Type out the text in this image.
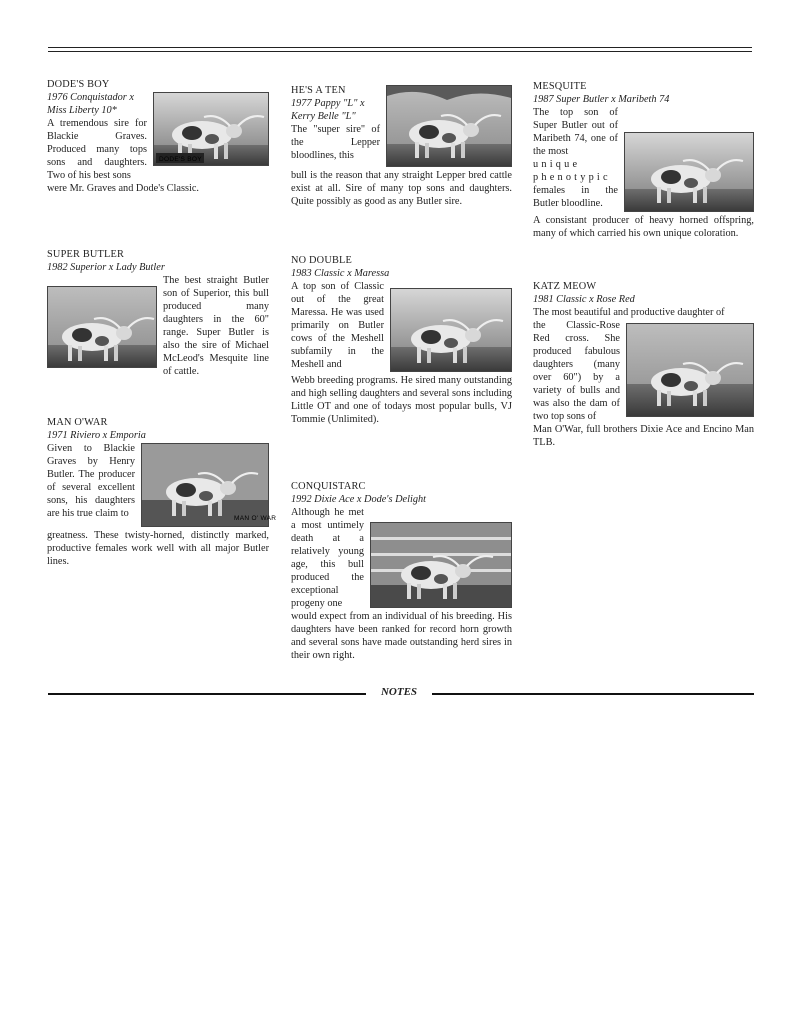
DODE'S BOY
1976 Conquistador x
DODE'S BOY
Miss Liberty 10*
A tremendous sire for Blackie Graves. Produced many tops sons and daughters. Two of his best sons
were Mr. Graves and Dode's Classic.
SUPER BUTLER
1982 Superior x Lady Butler
The best straight Butler son of Superior, this bull produced many daughters in the 60" range. Super Butler is also the sire of Michael McLeod's Mesquite line of cattle.
MAN O'WAR
1971 Riviero x Emporia
MAN O' WAR
Given to Blackie Graves by Henry Butler. The producer of several excellent sons, his daughters are his true claim to
greatness. These twisty-horned, distinctly marked, productive females work well with all major Butler lines.
HE'S A TEN
1977 Pappy "L" x
Kerry Belle "L"
The "super sire" of the Lepper bloodlines, this
bull is the reason that any straight Lepper bred cattle exist at all. Sire of many top sons and daughters. Quite possibly as good as any Butler sire.
NO DOUBLE
1983 Classic x Maressa
A top son of Classic out of the great Maressa. He was used primarily on Butler cows of the Meshell subfamily in the Meshell and
Webb breeding programs. He sired many outstanding and high selling daughters and several sons including Little OT and one of todays most popular bulls, VJ Tommie (Unlimited).
CONQUISTARC
1992 Dixie Ace x Dode's Delight
Although he met a most untimely death at a relatively young age, this bull produced the exceptional progeny one
would expect from an individual of his breeding. His daughters have been ranked for record horn growth and several sons have made outstanding herd sires in their own right.
MESQUITE
1987 Super Butler x Maribeth 74
The top son of Super Butler out of Maribeth 74, one of the most
unique phenotypic
females in the Butler bloodline.
A consistant producer of heavy horned offspring, many of which carried his own unique coloration.
KATZ MEOW
1981 Classic x Rose Red
The most beautiful and productive daughter of
the Classic-Rose Red cross. She produced fabulous daughters (many over 60") by a variety of bulls and was also the dam of two top sons of
Man O'War, full brothers Dixie Ace and Encino Man TLB.
NOTES
